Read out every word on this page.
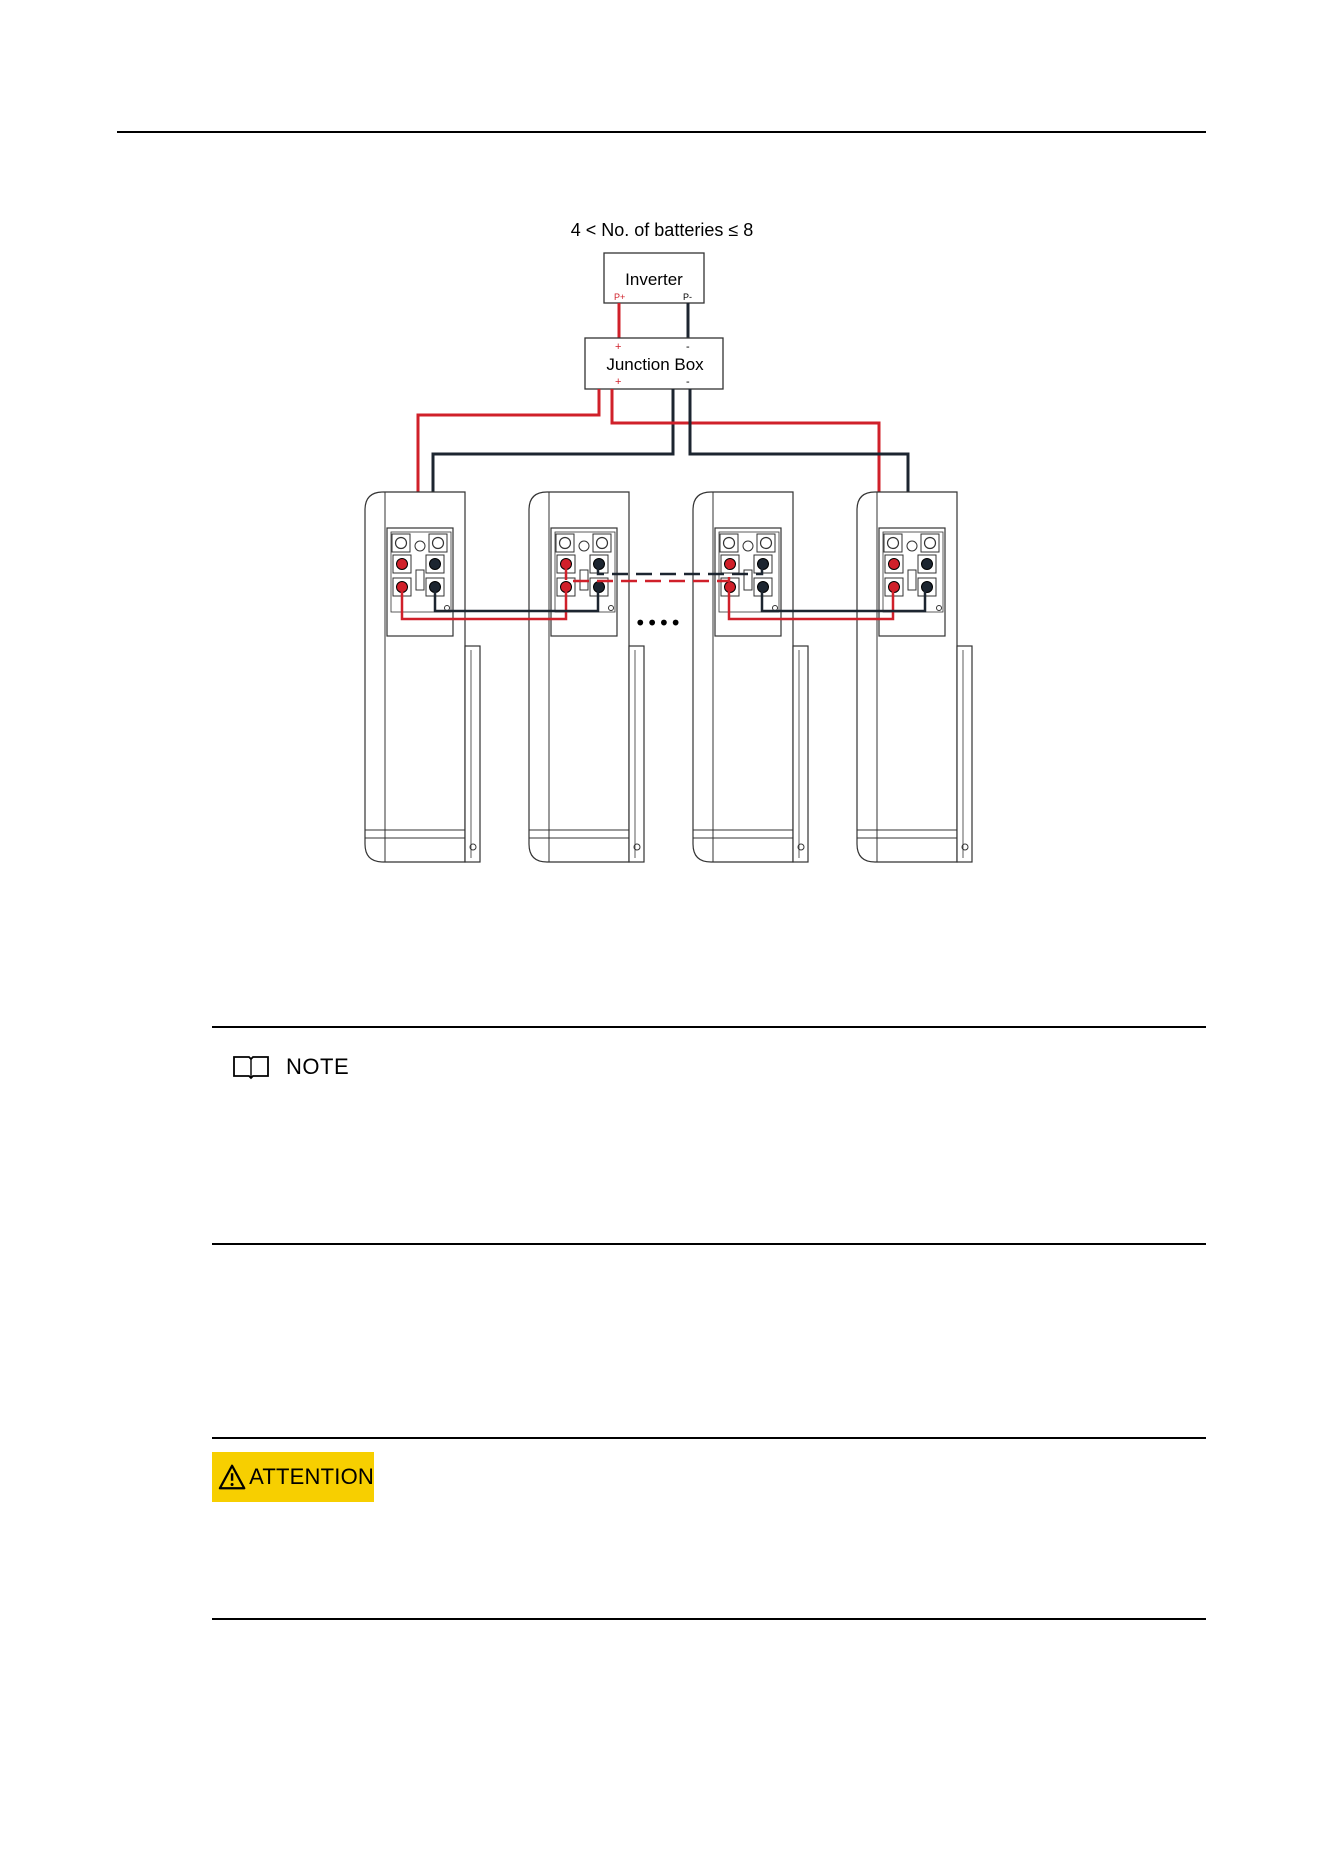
4 < No. of batteries ≤ 8
Inverter
P+	P-
Junction Box
+	-
+	-
••••
NOTE
ATTENTION
